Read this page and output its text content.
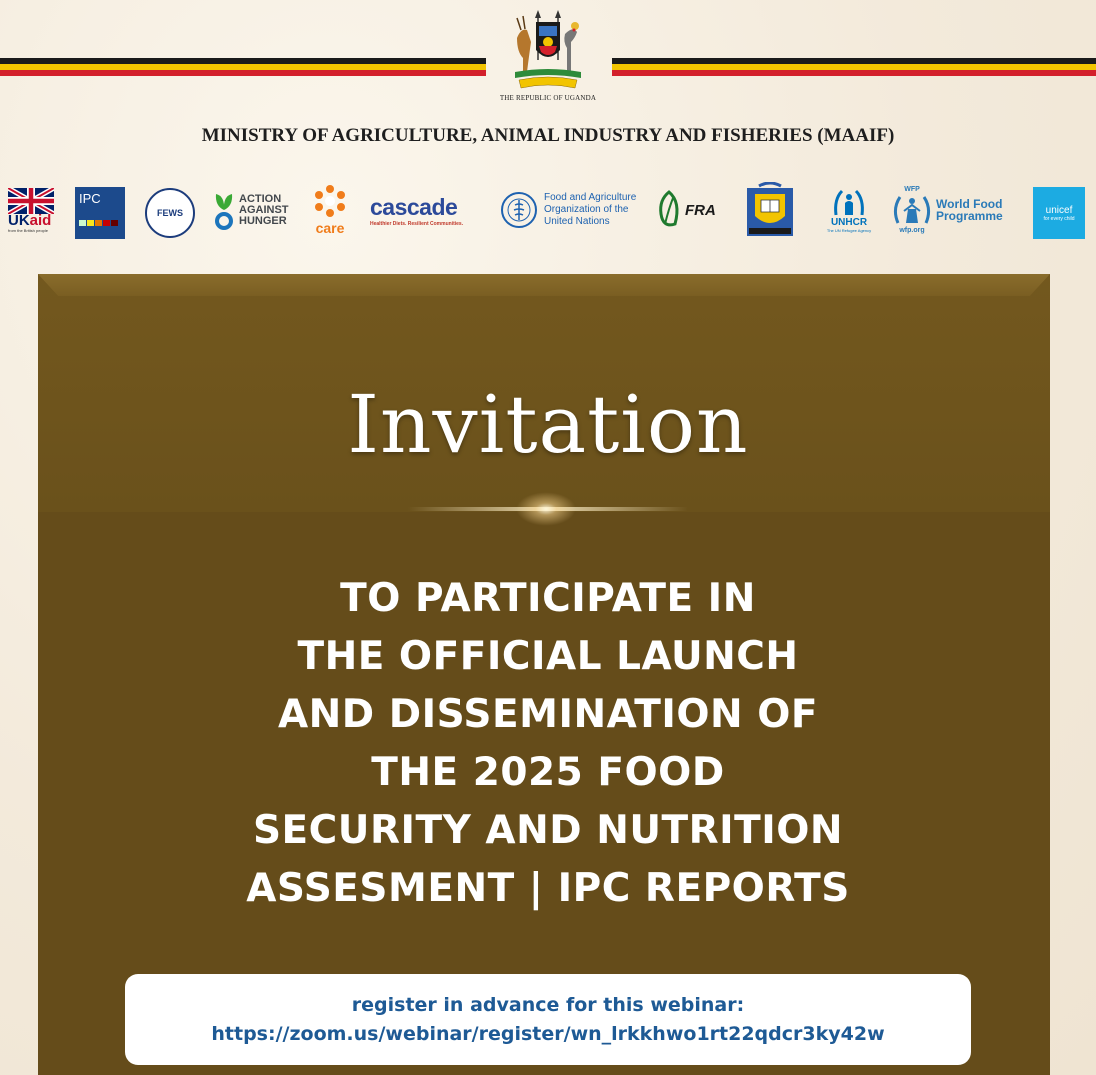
THE REPUBLIC OF UGANDA
MINISTRY OF AGRICULTURE, ANIMAL INDUSTRY AND FISHERIES (MAAIF)
UKaid
from the British people
IPC
FEWS
ACTION
AGAINST
HUNGER care
cascade
Healthier Diets. Resilient Communities.
Food and Agriculture
Organization of the
United Nations
FRA
UNHCR
The UN Refugee Agency
WFP
wfp.org
World Food
Programme	unicef
for every child
Invitation
TO PARTICIPATE IN
THE OFFICIAL LAUNCH
AND DISSEMINATION OF
THE 2025 FOOD
SECURITY AND NUTRITION
ASSESMENT | IPC REPORTS
register in advance for this webinar:
https://zoom.us/webinar/register/wn_lrkkhwo1rt22qdcr3ky42w
